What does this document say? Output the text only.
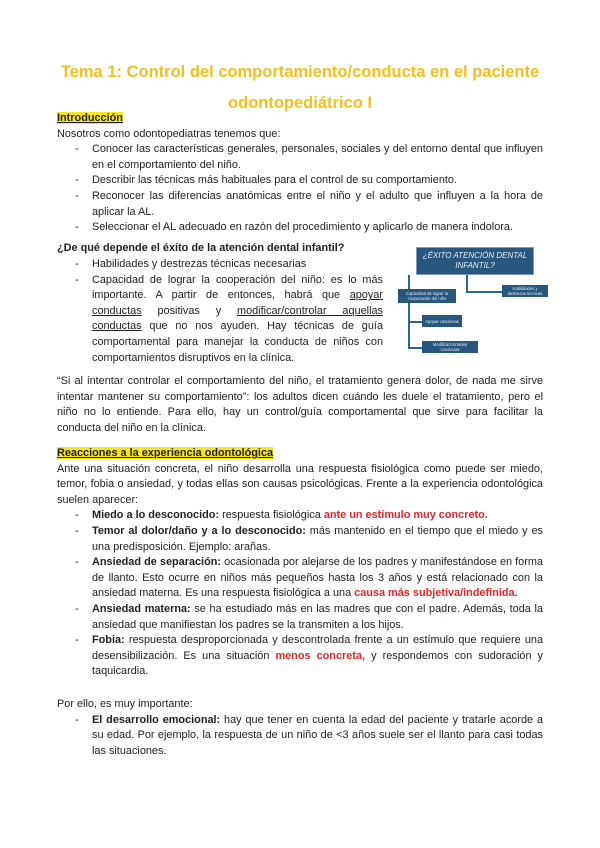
Tema 1: Control del comportamiento/conducta en el paciente odontopediátrico I
Introducción
Nosotros como odontopediatras tenemos que:
- Conocer las características generales, personales, sociales y del entorno dental que influyen en el comportamiento del niño.
- Describir las técnicas más habituales para el control de su comportamiento.
- Reconocer las diferencias anatómicas entre el niño y el adulto que influyen a la hora de aplicar la AL.
- Seleccionar el AL adecuado en razón del procedimiento y aplicarlo de manera indolora.
¿De qué depende el éxito de la atención dental infantil?
- Habilidades y destrezas técnicas necesarias
- Capacidad de lograr la cooperación del niño: es lo más importante. A partir de entonces, habrá que apoyar conductas positivas y modificar/controlar aquellas conductas que no nos ayuden. Hay técnicas de guía comportamental para manejar la conducta de niños con comportamientos disruptivos en la clínica.
¿ÉXITO ATENCIÓN DENTAL INFANTIL?
Capacidad de lograr la cooperación del niño
Habilidades y destrezas técnicas
Apoyar conductas
Modificar/controlar conductas
“Si al intentar controlar el comportamiento del niño, el tratamiento genera dolor, de nada me sirve intentar mantener su comportamiento”: los adultos dicen cuándo les duele el tratamiento, pero el niño no lo entiende. Para ello, hay un control/guía comportamental que sirve para facilitar la conducta del niño en la clínica.
Reacciones a la experiencia odontológica
Ante una situación concreta, el niño desarrolla una respuesta fisiológica como puede ser miedo, temor, fobia o ansiedad, y todas ellas son causas psicológicas. Frente a la experiencia odontológica suelen aparecer:
- Miedo a lo desconocido: respuesta fisiológica ante un estímulo muy concreto.
- Temor al dolor/daño y a lo desconocido: más mantenido en el tiempo que el miedo y es una predisposición. Ejemplo: arañas.
- Ansiedad de separación: ocasionada por alejarse de los padres y manifestándose en forma de llanto. Esto ocurre en niños más pequeños hasta los 3 años y está relacionado con la ansiedad materna. Es una respuesta fisiológica a una causa más subjetiva/indefinida.
- Ansiedad materna: se ha estudiado más en las madres que con el padre. Además, toda la ansiedad que manifiestan los padres se la transmiten a los hijos.
- Fobia: respuesta desproporcionada y descontrolada frente a un estímulo que requiere una desensibilización. Es una situación menos concreta, y respondemos con sudoración y taquicardia.
Por ello, es muy importante:
- El desarrollo emocional: hay que tener en cuenta la edad del paciente y tratarle acorde a su edad. Por ejemplo, la respuesta de un niño de <3 años suele ser el llanto para casi todas las situaciones.
